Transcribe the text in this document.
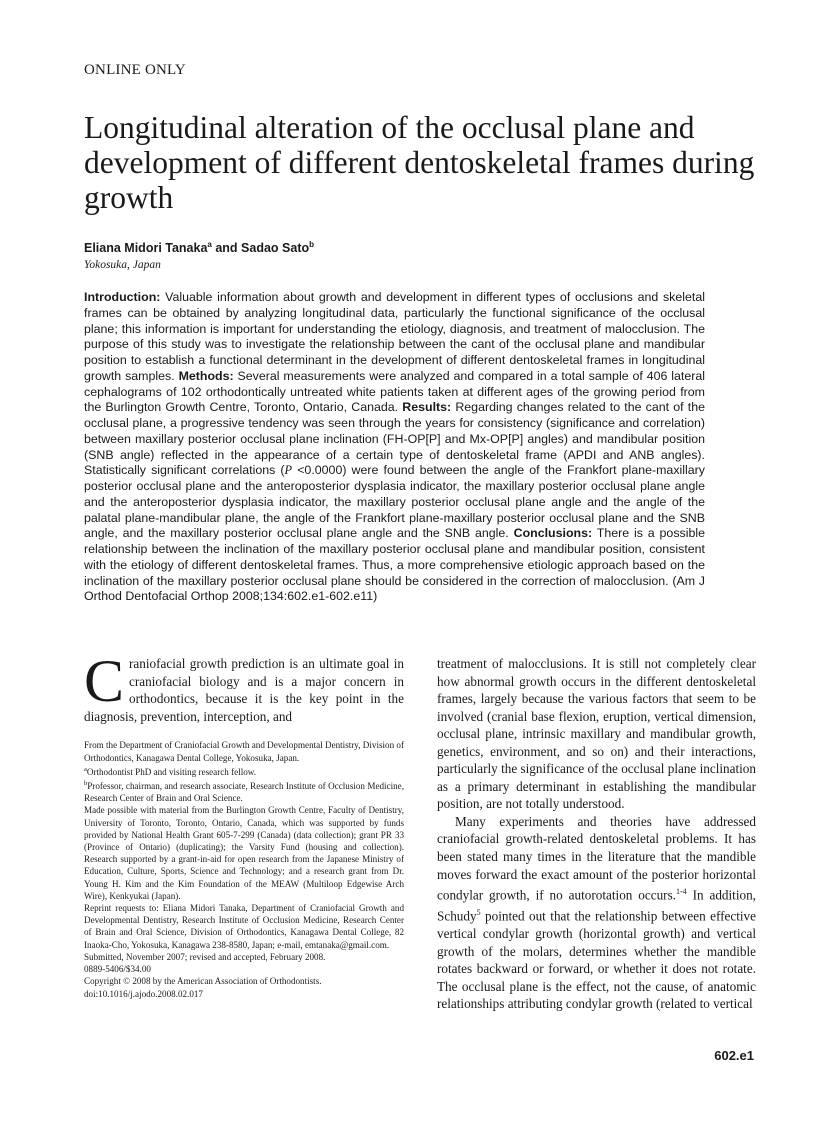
ONLINE ONLY
Longitudinal alteration of the occlusal plane and development of different dentoskeletal frames during growth
Eliana Midori Tanaka$^a$ and Sadao Sato$^b$
Yokosuka, Japan

Introduction: Valuable information about growth and development in different types of occlusions and skeletal frames can be obtained by analyzing longitudinal data, particularly the functional significance of the occlusal plane; this information is important for understanding the etiology, diagnosis, and treatment of malocclusion. The purpose of this study was to investigate the relationship between the cant of the occlusal plane and mandibular position to establish a functional determinant in the development of different dentoskeletal frames in longitudinal growth samples. Methods: Several measurements were analyzed and compared in a total sample of 406 lateral cephalograms of 102 orthodontically untreated white patients taken at different ages of the growing period from the Burlington Growth Centre, Toronto, Ontario, Canada. Results: Regarding changes related to the cant of the occlusal plane, a progressive tendency was seen through the years for consistency (significance and correlation) between maxillary posterior occlusal plane inclination (FH-OP[P] and Mx-OP[P] angles) and mandibular position (SNB angle) reflected in the appearance of a certain type of dentoskeletal frame (APDI and ANB angles). Statistically significant correlations (P <0.0000) were found between the angle of the Frankfort plane-maxillary posterior occlusal plane and the anteroposterior dysplasia indicator, the maxillary posterior occlusal plane angle and the anteroposterior dysplasia indicator, the maxillary posterior occlusal plane angle and the angle of the palatal plane-mandibular plane, the angle of the Frankfort plane-maxillary posterior occlusal plane and the SNB angle, and the maxillary posterior occlusal plane angle and the SNB angle. Conclusions: There is a possible relationship between the inclination of the maxillary posterior occlusal plane and mandibular position, consistent with the etiology of different dentoskeletal frames. Thus, a more comprehensive etiologic approach based on the inclination of the maxillary posterior occlusal plane should be considered in the correction of malocclusion. (Am J Orthod Dentofacial Orthop 2008;134:602.e1-602.e11)

Craniofacial growth prediction is an ultimate goal in craniofacial biology and is a major concern in orthodontics, because it is the key point in the diagnosis, prevention, interception, and

From the Department of Craniofacial Growth and Developmental Dentistry, Division of Orthodontics, Kanagawa Dental College, Yokosuka, Japan.

$^a$Orthodontist PhD and visiting research fellow.

$^b$Professor, chairman, and research associate, Research Institute of Occlusion Medicine, Research Center of Brain and Oral Science.

Made possible with material from the Burlington Growth Centre, Faculty of Dentistry, University of Toronto, Toronto, Ontario, Canada, which was supported by funds provided by National Health Grant 605-7-299 (Canada) (data collection); grant PR 33 (Province of Ontario) (duplicating); the Varsity Fund (housing and collection). Research supported by a grant-in-aid for open research from the Japanese Ministry of Education, Culture, Sports, Science and Technology; and a research grant from Dr. Young H. Kim and the Kim Foundation of the MEAW (Multiloop Edgewise Arch Wire), Kenkyukai (Japan).

Reprint requests to: Eliana Midori Tanaka, Department of Craniofacial Growth and Developmental Dentistry, Research Institute of Occlusion Medicine, Research Center of Brain and Oral Science, Division of Orthodontics, Kanagawa Dental College, 82 Inaoka-Cho, Yokosuka, Kanagawa 238-8580, Japan; e-mail, emtanaka@gmail.com.

Submitted, November 2007; revised and accepted, February 2008.

0889-5406/$34.00

Copyright © 2008 by the American Association of Orthodontists.

doi:10.1016/j.ajodo.2008.02.017

treatment of malocclusions. It is still not completely clear how abnormal growth occurs in the different dentoskeletal frames, largely because the various factors that seem to be involved (cranial base flexion, eruption, vertical dimension, occlusal plane, intrinsic maxillary and mandibular growth, genetics, environment, and so on) and their interactions, particularly the significance of the occlusal plane inclination as a primary determinant in establishing the mandibular position, are not totally understood.

Many experiments and theories have addressed craniofacial growth-related dentoskeletal problems. It has been stated many times in the literature that the mandible moves forward the exact amount of the posterior horizontal condylar growth, if no autorotation occurs.$^{1-4}$ In addition, Schudy$^5$ pointed out that the relationship between effective vertical condylar growth (horizontal growth) and vertical growth of the molars, determines whether the mandible rotates backward or forward, or whether it does not rotate. The occlusal plane is the effect, not the cause, of anatomic relationships attributing condylar growth (related to vertical

602.e1
